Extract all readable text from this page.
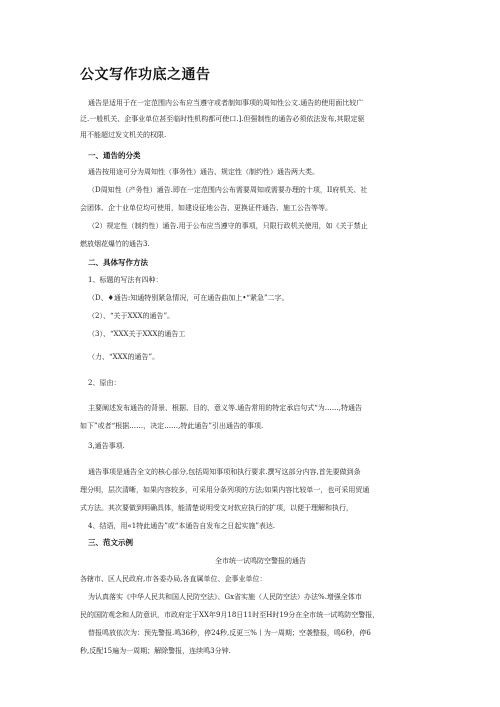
公文写作功底之通告
通告是适用于在一定范围内公布应当遵守或者制知事项的周知性公文.通告的使用面比较广
泛.一般机关、企事业单位甚至临时性机构都可使口.].但强制性的通告必须依法发布,其限定驱
用不能超过发文机关的权限.
一、通告的分类
通告按用途可分为周知性（事务性）通告、规定性（制约性）通告两大类。
（D周知性（产务性）通告.即在一定范围内公布需要周知或需要办理的十项，II府机关、社
会团体、企十业单位均可使用，如建设征地公告、更换证件通告、施工公告等等。
（2）规定性（制约性）通告.用于公布应当遵守的事项，只限行政机关使用，如《关于禁止
燃放烟花爆竹的通告3.
二、具体写作方法
1、标题的写法有四种：
（D、♦通告:知通特别紧急情况，可在通告曲加上•“紧急”二字。
（2）、“关于XXX的通告”。
（3）、“XXX关于XXX的通告工
（力、“XXX的通告”。
2、原由：
主要阐述发布通告的背景、根据、目的、意义等.通告常用的特定承启句式“为……,特通告
如下”或者“根据……，决定……,特此通告”引出通告的事项.
3,通告事项.
通告事项是通告全文的核心部分,包括周知事项和执行要求.撰写这部分内容,首先要做到条
理分明，层次清晰，如果内容较多，可采用分条列项的方法;如果内容比较单一，也可采用贸通
式方法。其次要做到明确具体，能清楚说明受文对软应执行的扩项，以便于理解和执行，
4、结语，用«1特此通告”或“本通告自发布之日起实施”表达.
三、范文示例
全市统一试鸣防空警报的通告
各辖市、区人民政府,市各委办局,各直属单位、企事业单位：
为认真落实《中华人民共和国人民防空法》、Gx省实施（人民防空法）办法%.增强全体市
民的国防观念和人防意识，市政府定于XX年9月18日11时至H时19分在全市统一试鸣防空警报，
替报鸣放依次为：预先警报.鸣36秒，停24秒,反更三%丨为一周期；空袭整报，鸣6秒，停6
秒,反配15遍为一周期；解除警报，连续鸣3分钟.
